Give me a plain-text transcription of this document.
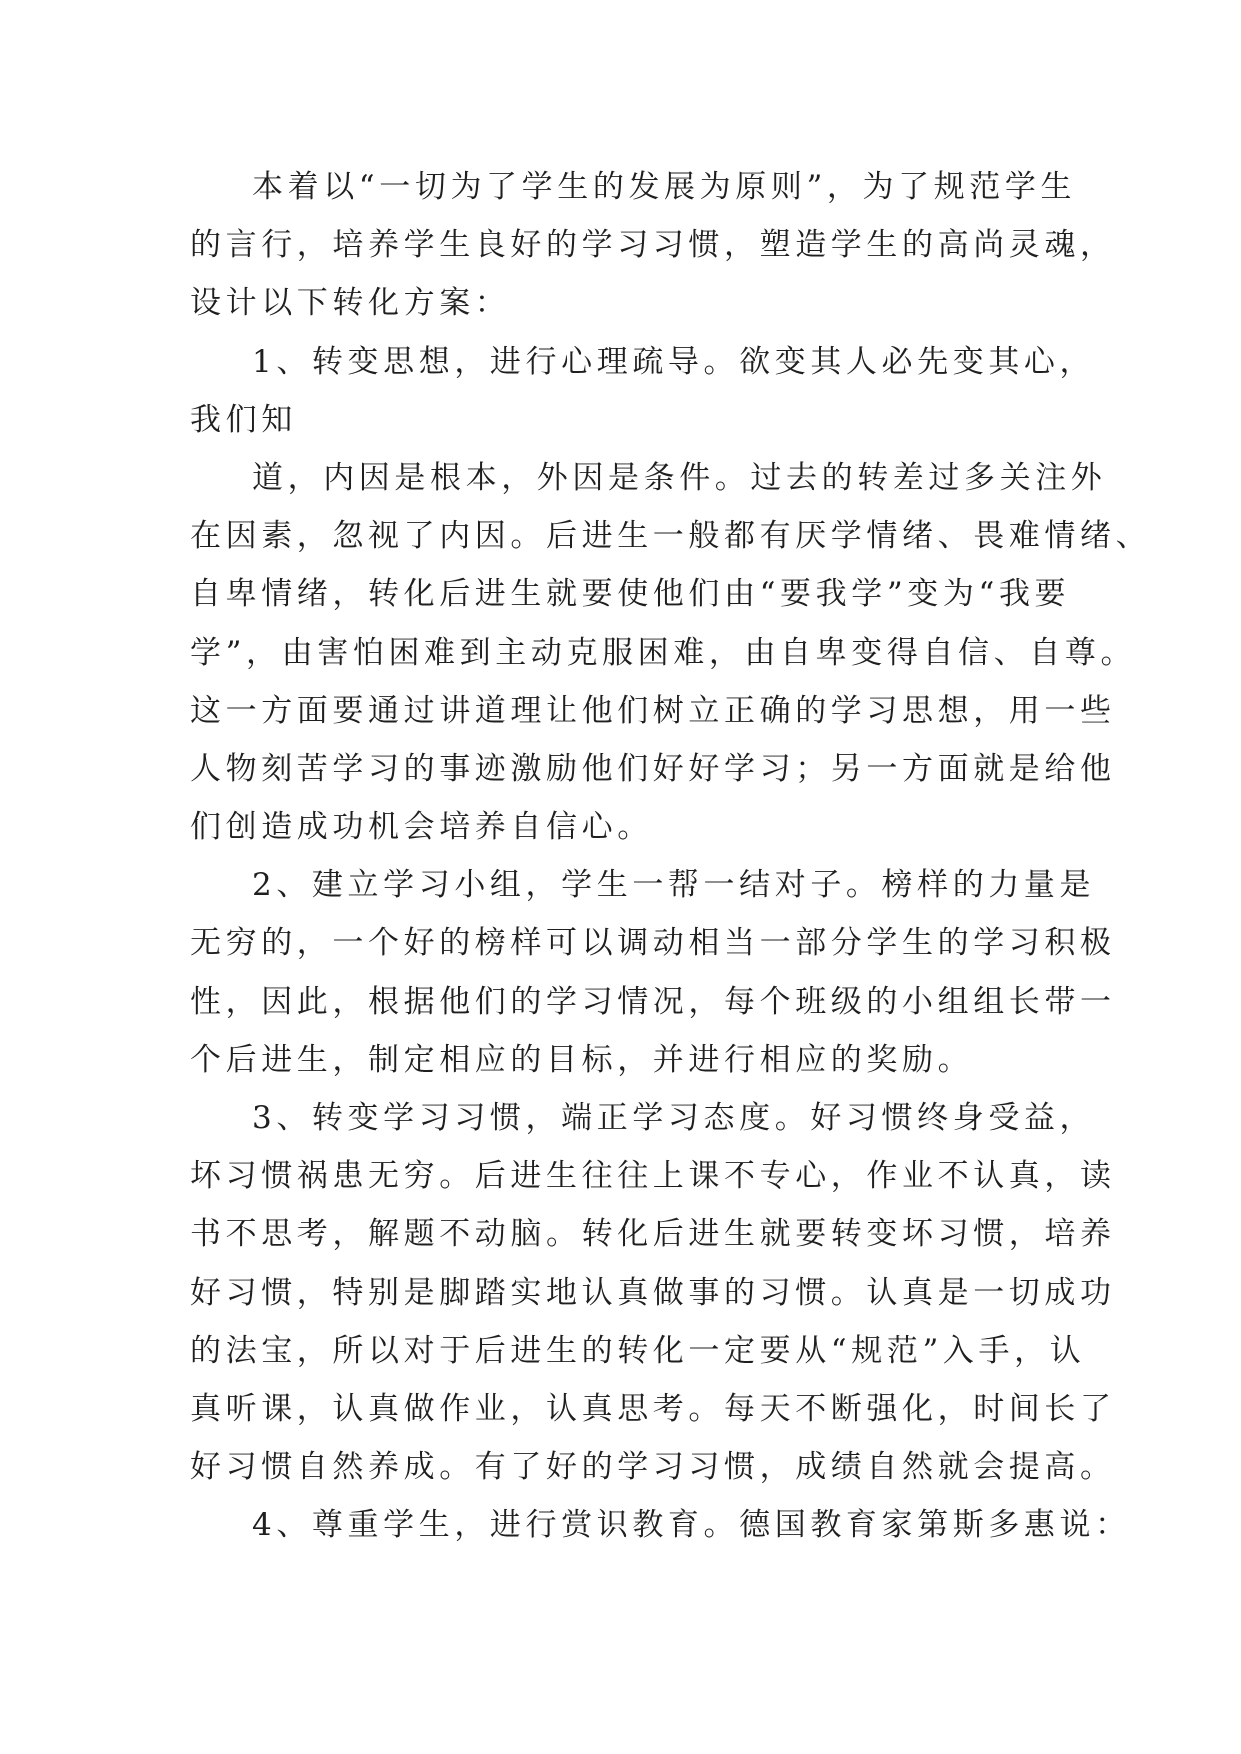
本着以“一切为了学生的发展为原则”，为了规范学生
的言行，培养学生良好的学习习惯，塑造学生的高尚灵魂，
设计以下转化方案：
1、转变思想，进行心理疏导。欲变其人必先变其心，
我们知
道，内因是根本，外因是条件。过去的转差过多关注外
在因素，忽视了内因。后进生一般都有厌学情绪、畏难情绪、
自卑情绪，转化后进生就要使他们由“要我学”变为“我要
学”，由害怕困难到主动克服困难，由自卑变得自信、自尊。
这一方面要通过讲道理让他们树立正确的学习思想，用一些
人物刻苦学习的事迹激励他们好好学习；另一方面就是给他
们创造成功机会培养自信心。
2、建立学习小组，学生一帮一结对子。榜样的力量是
无穷的，一个好的榜样可以调动相当一部分学生的学习积极
性，因此，根据他们的学习情况，每个班级的小组组长带一
个后进生，制定相应的目标，并进行相应的奖励。
3、转变学习习惯，端正学习态度。好习惯终身受益，
坏习惯祸患无穷。后进生往往上课不专心，作业不认真，读
书不思考，解题不动脑。转化后进生就要转变坏习惯，培养
好习惯，特别是脚踏实地认真做事的习惯。认真是一切成功
的法宝，所以对于后进生的转化一定要从“规范”入手，认
真听课，认真做作业，认真思考。每天不断强化，时间长了
好习惯自然养成。有了好的学习习惯，成绩自然就会提高。
4、尊重学生，进行赏识教育。德国教育家第斯多惠说：
